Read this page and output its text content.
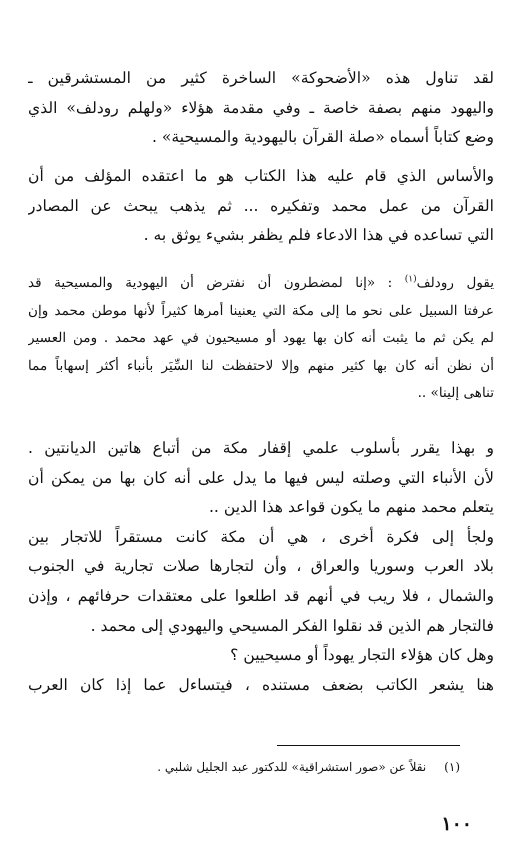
لقد تناول هذه «الأضحوكة» الساخرة كثير من المستشرقين ـ
واليهود منهم بصفة خاصة ـ وفي مقدمة هؤلاء «ولهلم رودلف» الذي
وضع كتاباً أسماه «صلة القرآن باليهودية والمسيحية» .

والأساس الذي قام عليه هذا الكتاب هو ما اعتقده المؤلف من أن
القرآن من عمل محمد وتفكيره ... ثم يذهب يبحث عن المصادر
التي تساعده في هذا الادعاء فلم يظفر بشيء يوثق به .

يقول رودلف$^{(١)}$ : «إنا لمضطرون أن نفترض أن اليهودية والمسيحية قد
عرفتا السبيل على نحو ما إلى مكة التي يعنينا أمرها كثيراً لأنها موطن محمد وإن
لم يكن ثم ما يثبت أنه كان بها يهود أو مسيحيون في عهد محمد . ومن العسير
أن نظن أنه كان بها كثير منهم وإلا لاحتفظت لنا السِّيَر بأنباء أكثر إسهاباً مما
تناهى إلينا» ..

و بهذا يقرر بأسلوب علمي إقفار مكة من أتباع هاتين الديانتين .
لأن الأنباء التي وصلته ليس فيها ما يدل على أنه كان بها من يمكن أن
يتعلم محمد منهم ما يكون قواعد هذا الدين ..
ولجأ إلى فكرة أخرى ، هي أن مكة كانت مستقراً للاتجار بين
بلاد العرب وسوريا والعراق ، وأن لتجارها صلات تجارية في الجنوب
والشمال ، فلا ريب في أنهم قد اطلعوا على معتقدات حرفائهم ، وإذن
فالتجار هم الذين قد نقلوا الفكر المسيحي واليهودي إلى محمد .
وهل كان هؤلاء التجار يهوداً أو مسيحيين ؟
هنا يشعر الكاتب بضعف مستنده ، فيتساءل عما إذا كان العرب

(١)نقلاً عن «صور استشراقية» للدكتور عبد الجليل شلبي .
١٠٠
